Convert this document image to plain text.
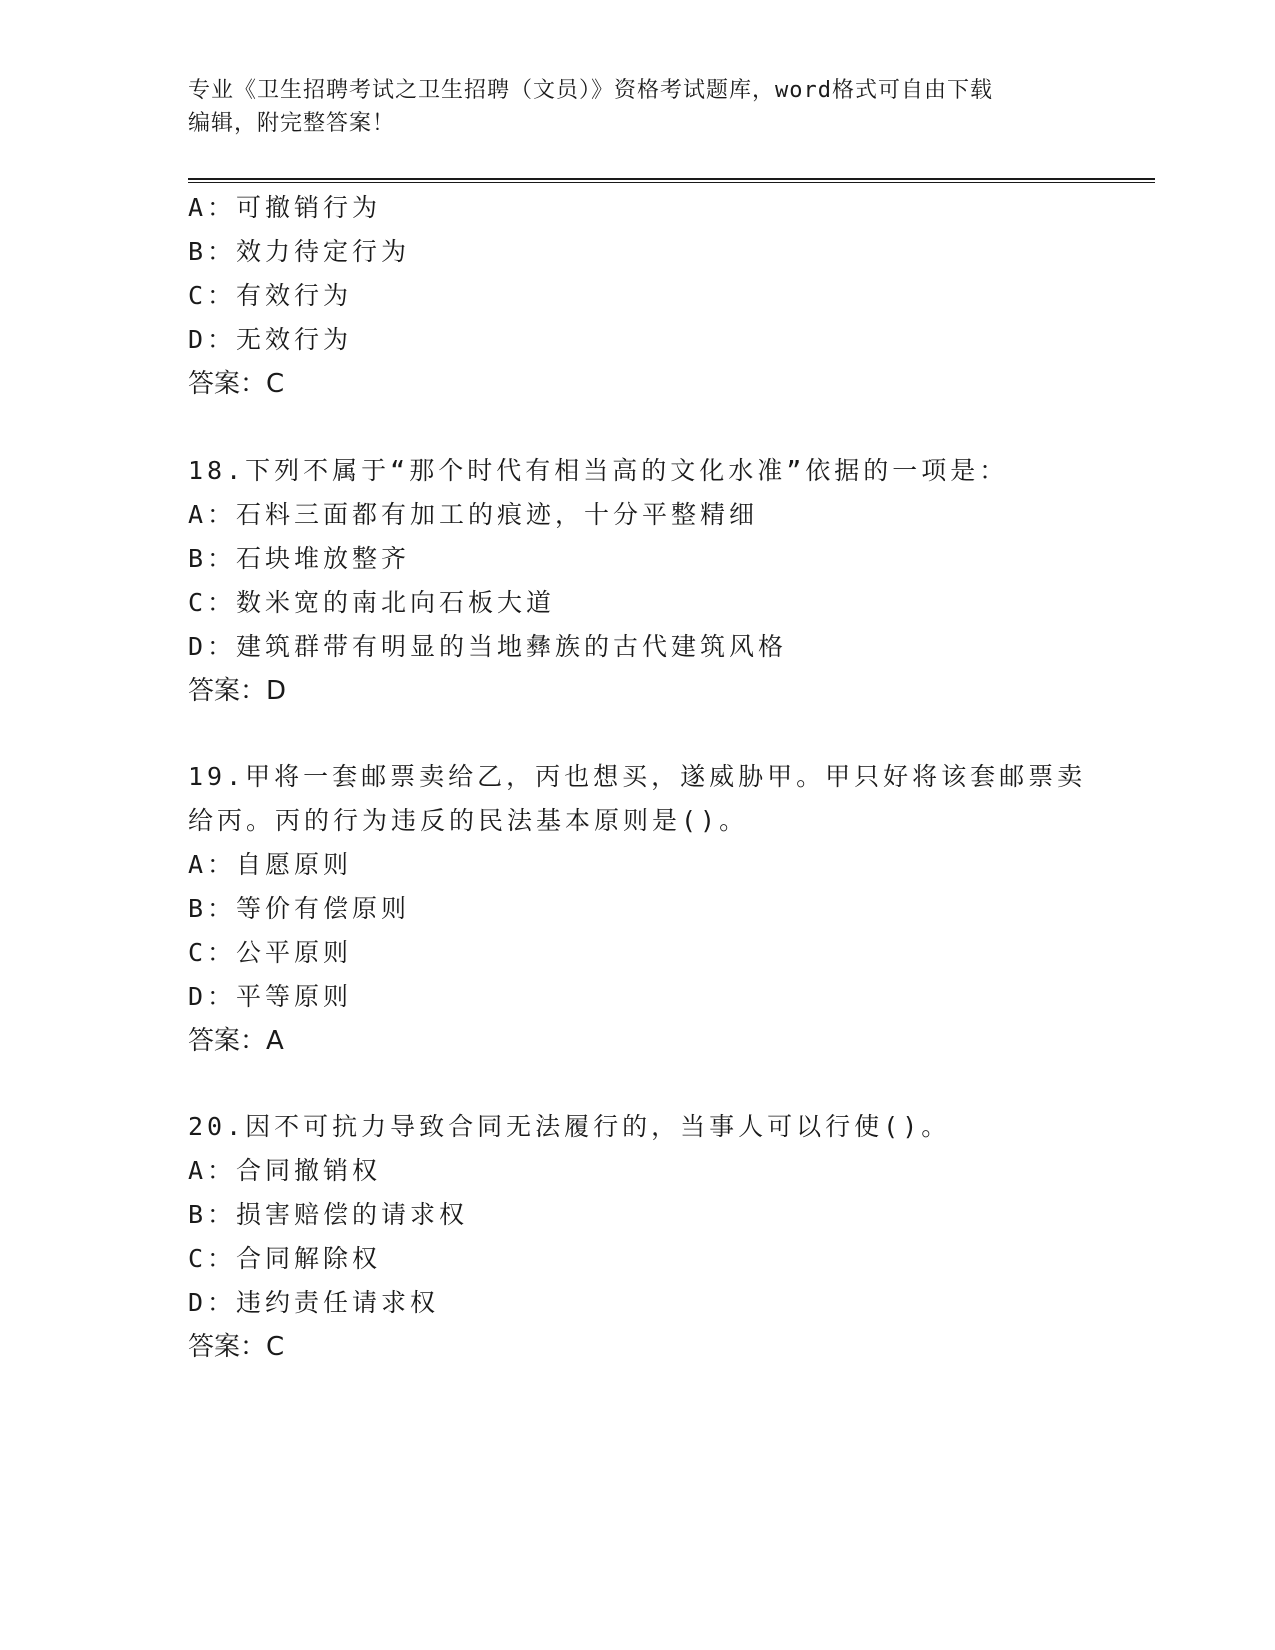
专业《卫生招聘考试之卫生招聘（文员）》资格考试题库，word格式可自由下载
编辑，附完整答案！
A：可撤销行为
B：效力待定行为
C：有效行为
D：无效行为
答案：C
18.下列不属于“那个时代有相当高的文化水准”依据的一项是：
A：石料三面都有加工的痕迹，十分平整精细
B：石块堆放整齐
C：数米宽的南北向石板大道
D：建筑群带有明显的当地彝族的古代建筑风格
答案：D
19.甲将一套邮票卖给乙，丙也想买，遂威胁甲。甲只好将该套邮票卖
给丙。丙的行为违反的民法基本原则是()。
A：自愿原则
B：等价有偿原则
C：公平原则
D：平等原则
答案：A
20.因不可抗力导致合同无法履行的，当事人可以行使()。
A：合同撤销权
B：损害赔偿的请求权
C：合同解除权
D：违约责任请求权
答案：C
